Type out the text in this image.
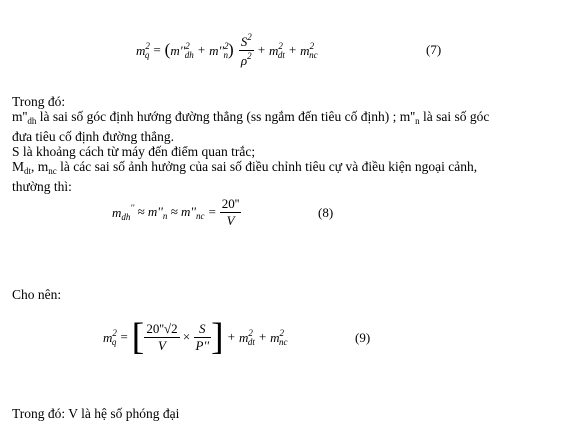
$m^2_q$ = ( $m''^2_{dh} + m''^2_n$ ) $\frac{S^2}{\rho^2} + m^2_{dt} + m^2_{nc}$	(7)
Trong đó:
$m''_{dh}$ là sai số góc định hướng đường thẳng (ss ngắm đến tiêu cố định) ; $m''_n$ là sai số góc
đưa tiêu cố định đường thẳng.
S là khoảng cách từ máy đến điểm quan trắc;
$M_{dt}$, $m_{nc}$ là các sai số ảnh hưởng của sai số điều chỉnh tiêu cự và điều kiện ngoại cảnh,
thường thì:
$m_{dh}'' \approx m''_n \approx m''_{nc} = \frac{20''}{V}$	(8)
Cho nên:
$m^2_q$ = [ $\frac{20''√2}{V} \times \frac{S}{P''}$ ] + $m^2_{dt} + m^2_{nc}$	(9)
Trong đó: V là hệ số phóng đại
